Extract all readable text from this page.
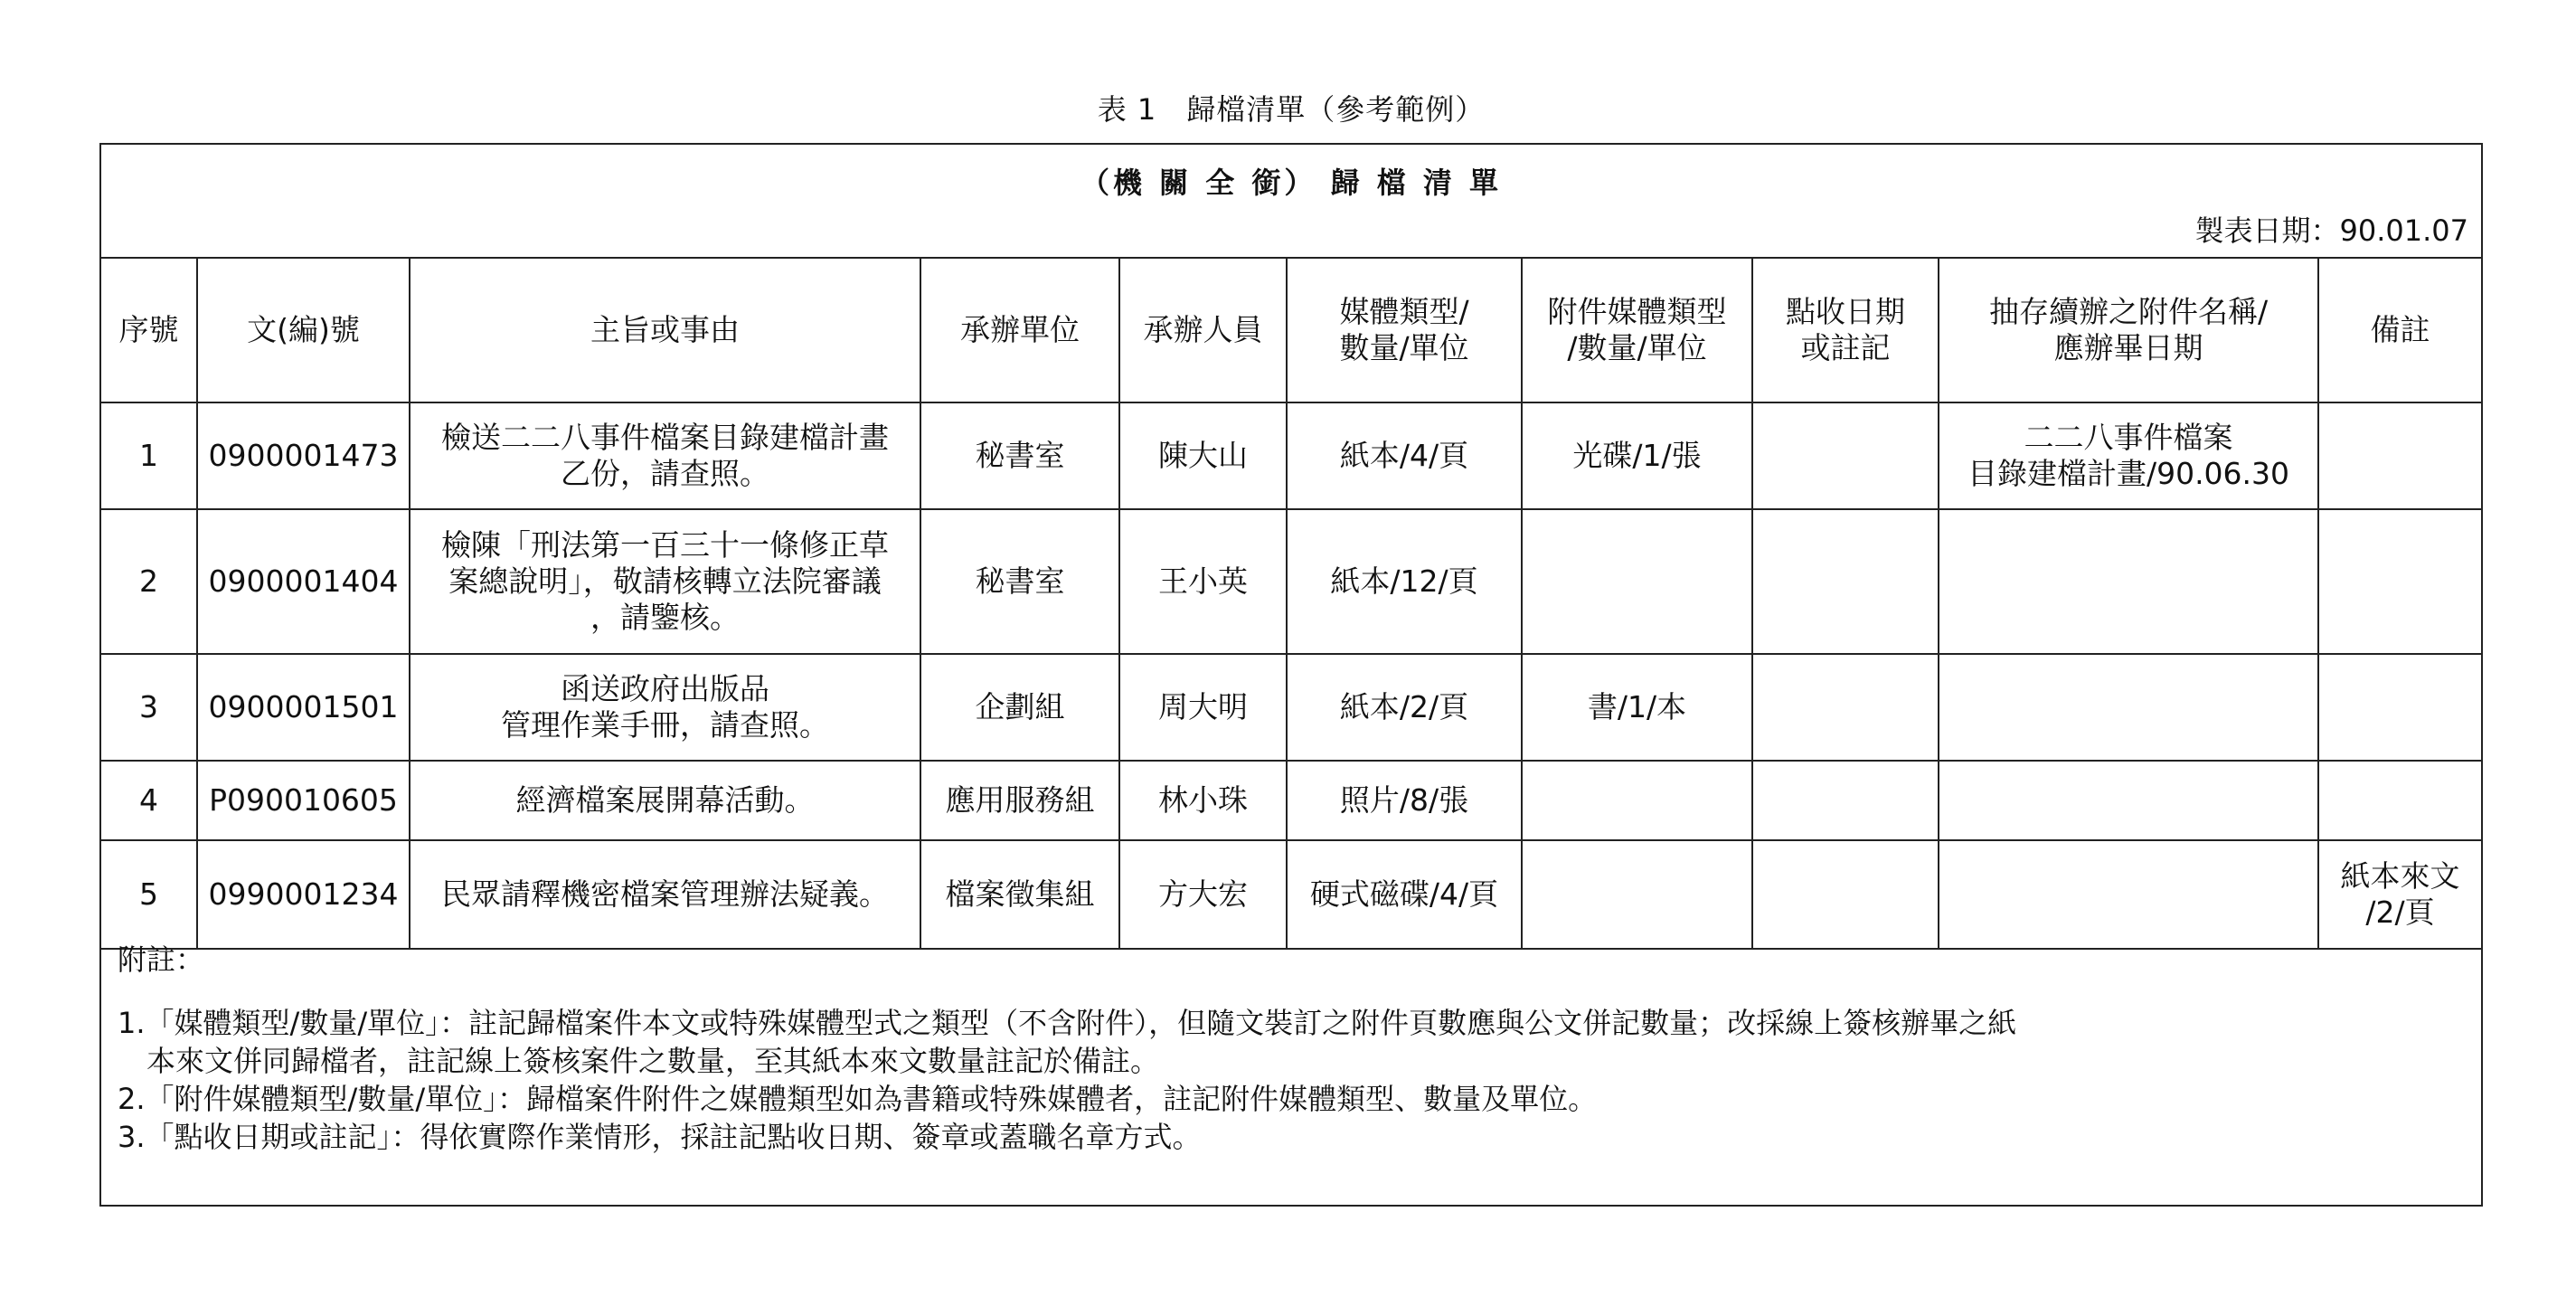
表 1　歸檔清單（參考範例）
（機 關 全 銜） 歸 檔 清 單
製表日期：90.01.07
序號	文(編)號	主旨或事由	承辦單位	承辦人員	媒體類型/
數量/單位	附件媒體類型
/數量/單位	點收日期
或註記	抽存續辦之附件名稱/
應辦畢日期	備註
1	0900001473	檢送二二八事件檔案目錄建檔計畫
乙份，請查照。	秘書室	陳大山	紙本/4/頁	光碟/1/張		二二八事件檔案
目錄建檔計畫/90.06.30	
2	0900001404	檢陳「刑法第一百三十一條修正草
案總說明」，敬請核轉立法院審議
，請鑒核。	秘書室	王小英	紙本/12/頁				
3	0900001501	函送政府出版品
管理作業手冊，請查照。	企劃組	周大明	紙本/2/頁	書/1/本			
4	P090010605	經濟檔案展開幕活動。	應用服務組	林小珠	照片/8/張				
5	0990001234	民眾請釋機密檔案管理辦法疑義。	檔案徵集組	方大宏	硬式磁碟/4/頁				紙本來文
/2/頁
附註：
1.「媒體類型/數量/單位」：註記歸檔案件本文或特殊媒體型式之類型（不含附件），但隨文裝訂之附件頁數應與公文併記數量；改採線上簽核辦畢之紙
　本來文併同歸檔者，註記線上簽核案件之數量，至其紙本來文數量註記於備註。
2.「附件媒體類型/數量/單位」：歸檔案件附件之媒體類型如為書籍或特殊媒體者，註記附件媒體類型、數量及單位。
3.「點收日期或註記」：得依實際作業情形，採註記點收日期、簽章或蓋職名章方式。
